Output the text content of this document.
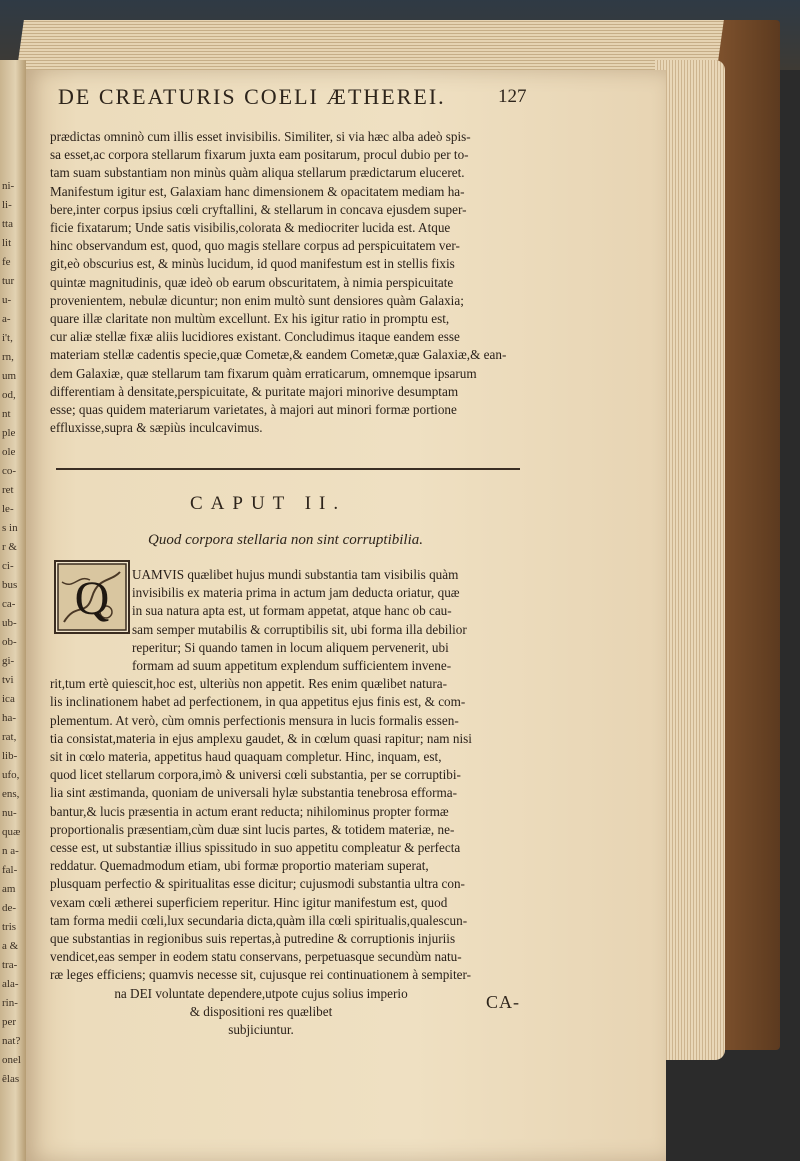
ni-
li-
tta
lit
fe
tur
u-
a-
i't,
rn,
um
od,
nt
ple
ole
co-
ret
le-
s in
r &
ci-
bus
ca-
ub-
ob-
gi-
tvi
ica
ha-
rat,
lib-
ufo,
ens,
nu-
quæ
n a-
fal-
am
de-
tris
a &
tra-
ala-
rin-
per
nat?
onel
êlas
DE CREATURIS COELI ÆTHEREI.	127
prædictas omninò cum illis esset invisibilis. Similiter, si via hæc alba adeò spis-
sa esset,ac corpora stellarum fixarum juxta eam positarum, procul dubio per to-
tam suam substantiam non minùs quàm aliqua stellarum prædictarum eluceret.
Manifestum igitur est, Galaxiam hanc dimensionem & opacitatem mediam ha-
bere,inter corpus ipsius cœli cryftallini, & stellarum in concava ejusdem super-
ficie fixatarum; Unde satis visibilis,colorata & mediocriter lucida est. Atque
hinc observandum est, quod, quo magis stellare corpus ad perspicuitatem ver-
git,eò obscurius est, & minùs lucidum, id quod manifestum est in stellis fixis
quintæ magnitudinis, quæ ideò ob earum obscuritatem, à nimia perspicuitate
provenientem, nebulæ dicuntur; non enim multò sunt densiores quàm Galaxia;
quare illæ claritate non multùm excellunt. Ex his igitur ratio in promptu est,
cur aliæ stellæ fixæ aliis lucidiores existant. Concludimus itaque eandem esse
materiam stellæ cadentis specie,quæ Cometæ,& eandem Cometæ,quæ Galaxiæ,& ean-
dem Galaxiæ, quæ stellarum tam fixarum quàm erraticarum, omnemque ipsarum
differentiam à densitate,perspicuitate, & puritate majori minorive desumptam
esse; quas quidem materiarum varietates, à majori aut minori formæ portione
effluxisse,supra & sæpiùs inculcavimus.
CAPUT II.
Quod corpora stellaria non sint corruptibilia.
Q	UAMVIS quælibet hujus mundi substantia tam visibilis quàm
invisibilis ex materia prima in actum jam deducta oriatur, quæ
in sua natura apta est, ut formam appetat, atque hanc ob cau-
sam semper mutabilis & corruptibilis sit, ubi forma illa debilior
reperitur; Si quando tamen in locum aliquem pervenerit, ubi
formam ad suum appetitum explendum sufficientem invene-
rit,tum ertè quiescit,hoc est, ulteriùs non appetit. Res enim quælibet natura-
lis inclinationem habet ad perfectionem, in qua appetitus ejus finis est, & com-
plementum. At verò, cùm omnis perfectionis mensura in lucis formalis essen-
tia consistat,materia in ejus amplexu gaudet, & in cœlum quasi rapitur; nam nisi
sit in cœlo materia, appetitus haud quaquam completur. Hinc, inquam, est,
quod licet stellarum corpora,imò & universi cœli substantia, per se corruptibi-
lia sint æstimanda, quoniam de universali hylæ substantia tenebrosa efforma-
bantur,& lucis præsentia in actum erant reducta; nihilominus propter formæ
proportionalis præsentiam,cùm duæ sint lucis partes, & totidem materiæ, ne-
cesse est, ut substantiæ illius spissitudo in suo appetitu compleatur & perfecta
reddatur. Quemadmodum etiam, ubi formæ proportio materiam superat,
plusquam perfectio & spiritualitas esse dicitur; cujusmodi substantia ultra con-
vexam cœli ætherei superficiem reperitur. Hinc igitur manifestum est, quod
tam forma medii cœli,lux secundaria dicta,quàm illa cœli spiritualis,qualescun-
que substantias in regionibus suis repertas,à putredine & corruptionis injuriis
vendicet,eas semper in eodem statu conservans, perpetuasque secundùm natu-
ræ leges efficiens; quamvis necesse sit, cujusque rei continuationem à sempiter-
na DEI voluntate dependere,utpote cujus solius imperio
& dispositioni res quælibet
subjiciuntur.
CA-
